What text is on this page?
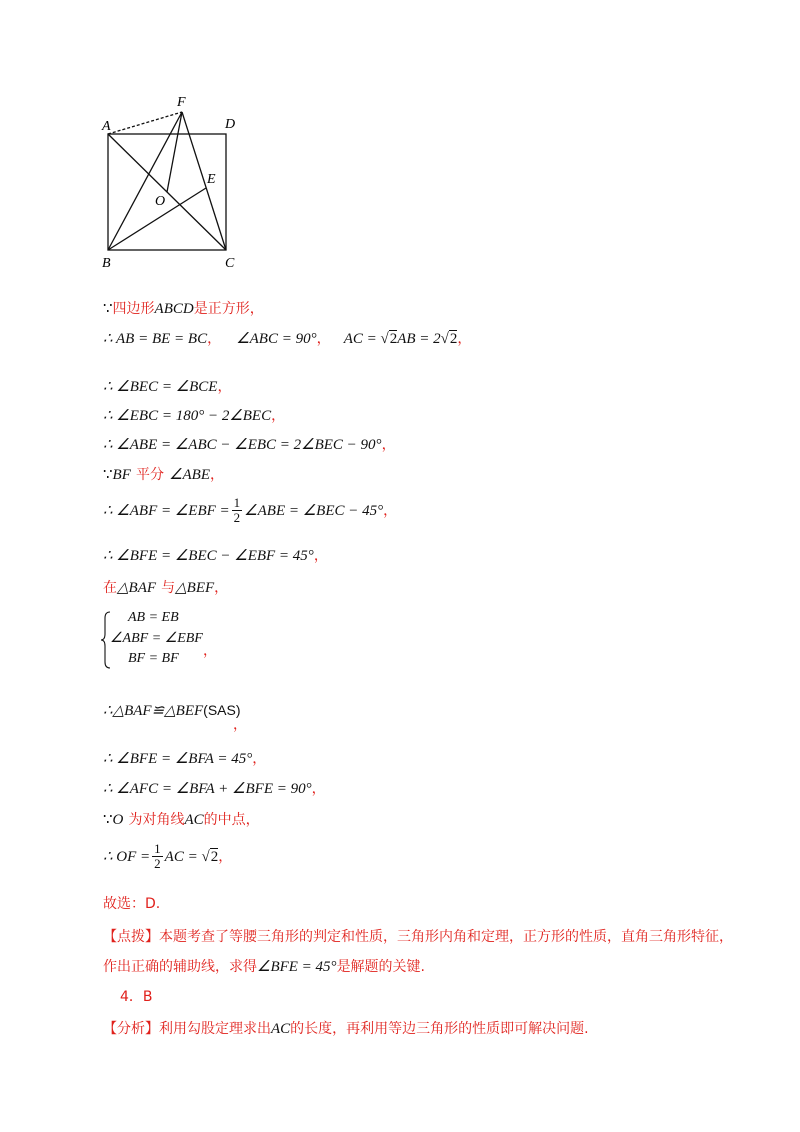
A
F
D
E
O
B	C
∵四边形ABCD是正方形，
∴ AB = BE = BC， ∠ABC = 90°， AC = √2AB = 2√2，
∴ ∠BEC = ∠BCE，
∴ ∠EBC = 180° − 2∠BEC，
∴ ∠ABE = ∠ABC − ∠EBC = 2∠BEC − 90°，
∵BF 平分 ∠ABE，
∴ ∠ABF = ∠EBF = $\frac{1}{2}$ ∠ABE = ∠BEC − 45°，
∴ ∠BFE = ∠BEC − ∠EBF = 45°，
在△BAF 与△BEF，
AB = EB
∠ABF = ∠EBF
BF = BF ，
∴△BAF≌△BEF(SAS)
，
∴ ∠BFE = ∠BFA = 45°，
∴ ∠AFC = ∠BFA + ∠BFE = 90°，
∵O 为对角线AC的中点，
∴ OF = $\frac{1}{2}$ AC = √2，
故选：D.
【点拨】本题考查了等腰三角形的判定和性质，三角形内角和定理，正方形的性质，直角三角形特征，
作出正确的辅助线，求得∠BFE = 45°是解题的关键.
4．B
【分析】利用勾股定理求出AC的长度，再利用等边三角形的性质即可解决问题.
